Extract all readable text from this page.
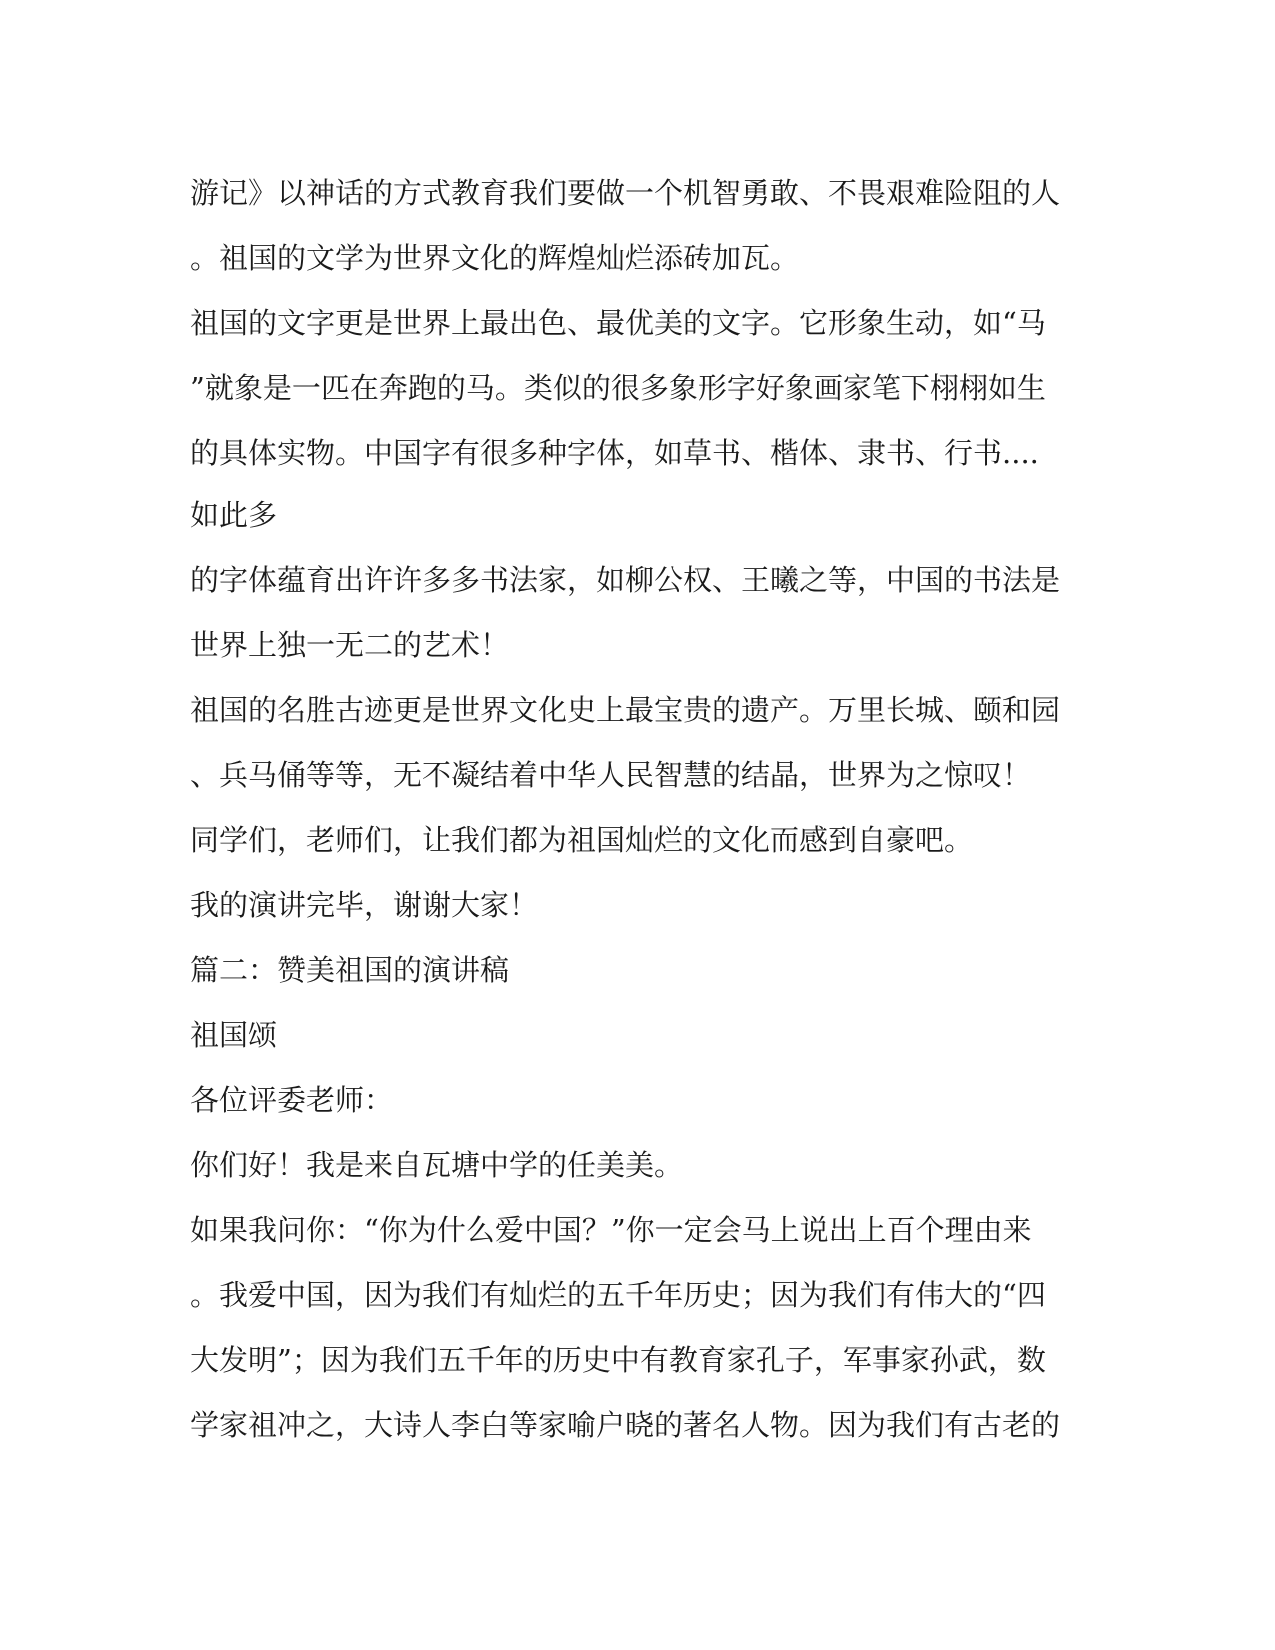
游记》以神话的方式教育我们要做一个机智勇敢、不畏艰难险阻的人
。祖国的文学为世界文化的辉煌灿烂添砖加瓦。
祖国的文字更是世界上最出色、最优美的文字。它形象生动，如“马
”就象是一匹在奔跑的马。类似的很多象形字好象画家笔下栩栩如生
的具体实物。中国字有很多种字体，如草书、楷体、隶书、行书....
如此多
的字体蕴育出许许多多书法家，如柳公权、王曦之等，中国的书法是
世界上独一无二的艺术！
祖国的名胜古迹更是世界文化史上最宝贵的遗产。万里长城、颐和园
、兵马俑等等，无不凝结着中华人民智慧的结晶，世界为之惊叹！
同学们，老师们，让我们都为祖国灿烂的文化而感到自豪吧。
我的演讲完毕，谢谢大家！
篇二：赞美祖国的演讲稿
祖国颂
各位评委老师：
你们好！我是来自瓦塘中学的任美美。
如果我问你：“你为什么爱中国？”你一定会马上说出上百个理由来
。我爱中国，因为我们有灿烂的五千年历史；因为我们有伟大的“四
大发明”；因为我们五千年的历史中有教育家孔子，军事家孙武，数
学家祖冲之，大诗人李白等家喻户晓的著名人物。因为我们有古老的
